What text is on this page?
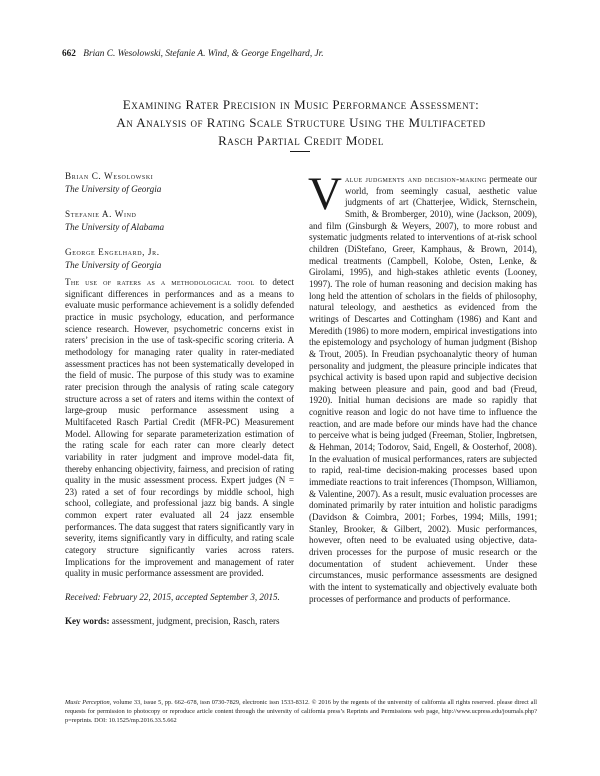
662 Brian C. Wesolowski, Stefanie A. Wind, & George Engelhard, Jr.
Examining Rater Precision in Music Performance Assessment:
An Analysis of Rating Scale Structure Using the Multifaceted
Rasch Partial Credit Model
Brian C. Wesolowski
The University of Georgia
Stefanie A. Wind
The University of Alabama
George Engelhard, Jr.
The University of Georgia
The use of raters as a methodological tool to detect significant differences in performances and as a means to evaluate music performance achievement is a solidly defended practice in music psychology, education, and performance science research. However, psychometric concerns exist in raters’ precision in the use of task-specific scoring criteria. A methodology for managing rater quality in rater-mediated assessment practices has not been systematically developed in the field of music. The purpose of this study was to examine rater precision through the analysis of rating scale category structure across a set of raters and items within the context of large-group music performance assessment using a Multifaceted Rasch Partial Credit (MFR-PC) Measurement Model. Allowing for separate parameterization estimation of the rating scale for each rater can more clearly detect variability in rater judgment and improve model-data fit, thereby enhancing objectivity, fairness, and precision of rating quality in the music assessment process. Expert judges (N = 23) rated a set of four recordings by middle school, high school, collegiate, and professional jazz big bands. A single common expert rater evaluated all 24 jazz ensemble performances. The data suggest that raters significantly vary in severity, items significantly vary in difficulty, and rating scale category structure significantly varies across raters. Implications for the improvement and management of rater quality in music performance assessment are provided.
Received: February 22, 2015, accepted September 3, 2015.
Key words: assessment, judgment, precision, Rasch, raters
Value judgments and decision-making permeate our world, from seemingly casual, aesthetic value judgments of art (Chatterjee, Widick, Sternschein, Smith, & Bromberger, 2010), wine (Jackson, 2009), and film (Ginsburgh & Weyers, 2007), to more robust and systematic judgments related to interventions of at-risk school children (DiStefano, Greer, Kamphaus, & Brown, 2014), medical treatments (Campbell, Kolobe, Osten, Lenke, & Girolami, 1995), and high-stakes athletic events (Looney, 1997). The role of human reasoning and decision making has long held the attention of scholars in the fields of philosophy, natural teleology, and aesthetics as evidenced from the writings of Descartes and Cottingham (1986) and Kant and Meredith (1986) to more modern, empirical investigations into the epistemology and psychology of human judgment (Bishop & Trout, 2005). In Freudian psychoanalytic theory of human personality and judgment, the pleasure principle indicates that psychical activity is based upon rapid and subjective decision making between pleasure and pain, good and bad (Freud, 1920). Initial human decisions are made so rapidly that cognitive reason and logic do not have time to influence the reaction, and are made before our minds have had the chance to perceive what is being judged (Freeman, Stolier, Ingbretsen, & Hehman, 2014; Todorov, Said, Engell, & Oosterhof, 2008). In the evaluation of musical performances, raters are subjected to rapid, real-time decision-making processes based upon immediate reactions to trait inferences (Thompson, Williamon, & Valentine, 2007). As a result, music evaluation processes are dominated primarily by rater intuition and holistic paradigms (Davidson & Coimbra, 2001; Forbes, 1994; Mills, 1991; Stanley, Brooker, & Gilbert, 2002). Music performances, however, often need to be evaluated using objective, data-driven processes for the purpose of music research or the documentation of student achievement. Under these circumstances, music performance assessments are designed with the intent to systematically and objectively evaluate both processes of performance and products of performance.
Music Perception, volume 33, issue 5, pp. 662–678, issn 0730-7829, electronic issn 1533-8312. © 2016 by the regents of the university of california all rights reserved. please direct all requests for permission to photocopy or reproduce article content through the university of california press’s Reprints and Permissions web page, http://www.ucpress.edu/journals.php?p=reprints. DOI: 10.1525/mp.2016.33.5.662
